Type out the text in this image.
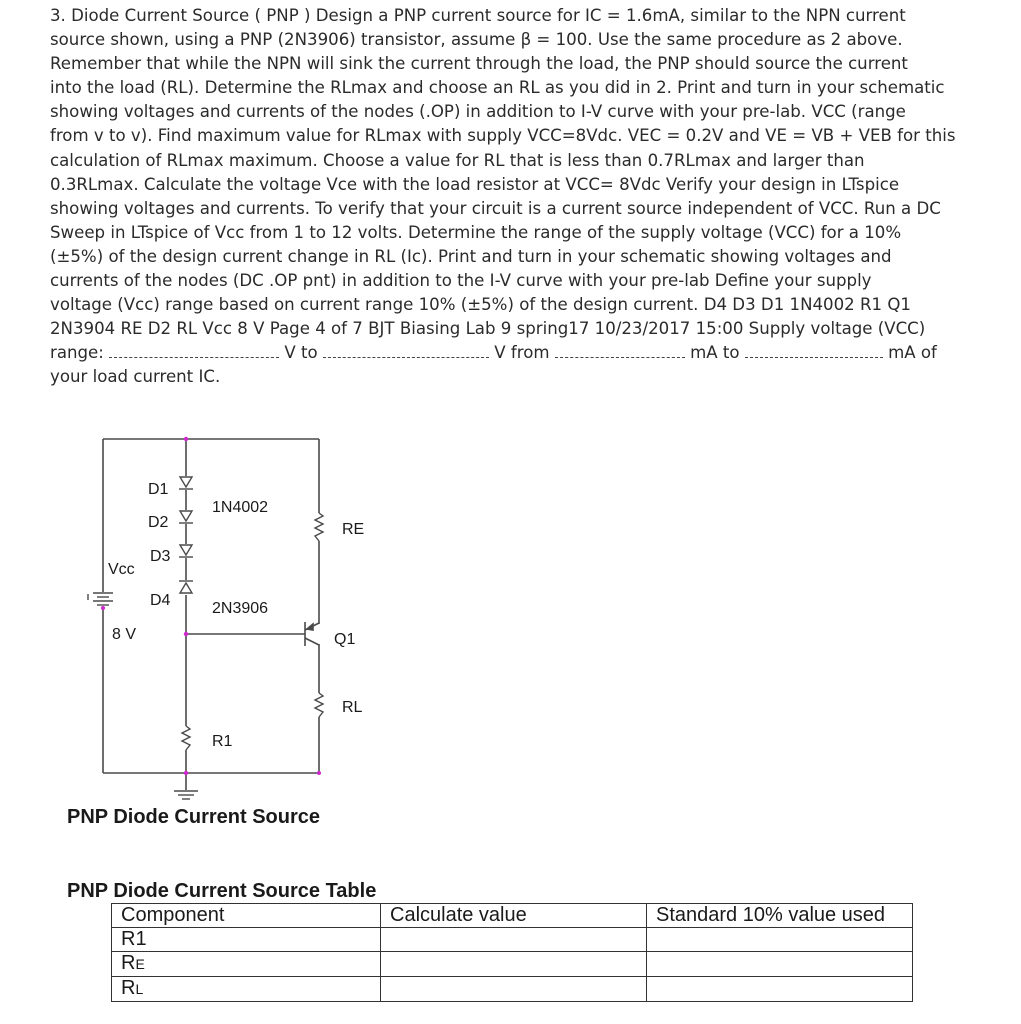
3. Diode Current Source ( PNP ) Design a PNP current source for IC = 1.6mA, similar to the NPN current
source shown, using a PNP (2N3906) transistor, assume β = 100. Use the same procedure as 2 above.
Remember that while the NPN will sink the current through the load, the PNP should source the current
into the load (RL). Determine the RLmax and choose an RL as you did in 2. Print and turn in your schematic
showing voltages and currents of the nodes (.OP) in addition to I-V curve with your pre-lab. VCC (range
from v to v). Find maximum value for RLmax with supply VCC=8Vdc. VEC = 0.2V and VE = VB + VEB for this
calculation of RLmax maximum. Choose a value for RL that is less than 0.7RLmax and larger than
0.3RLmax. Calculate the voltage Vce with the load resistor at VCC= 8Vdc Verify your design in LTspice
showing voltages and currents. To verify that your circuit is a current source independent of VCC. Run a DC
Sweep in LTspice of Vcc from 1 to 12 volts. Determine the range of the supply voltage (VCC) for a 10%
(±5%) of the design current change in RL (Ic). Print and turn in your schematic showing voltages and
currents of the nodes (DC .OP pnt) in addition to the I-V curve with your pre-lab Define your supply
voltage (Vcc) range based on current range 10% (±5%) of the design current. D4 D3 D1 1N4002 R1 Q1
2N3904 RE D2 RL Vcc 8 V Page 4 of 7 BJT Biasing Lab 9 spring17 10/23/2017 15:00 Supply voltage (VCC)
range:	V to	V from	mA to	mA of
your load current IC.
D1
D2
D3
Vcc
D4
8 V
1N4002
2N3906
RE
Q1
RL
R1
PNP Diode Current Source
PNP Diode Current Source Table
Component	Calculate value	Standard 10% value used
R1		
RE		
RL		
